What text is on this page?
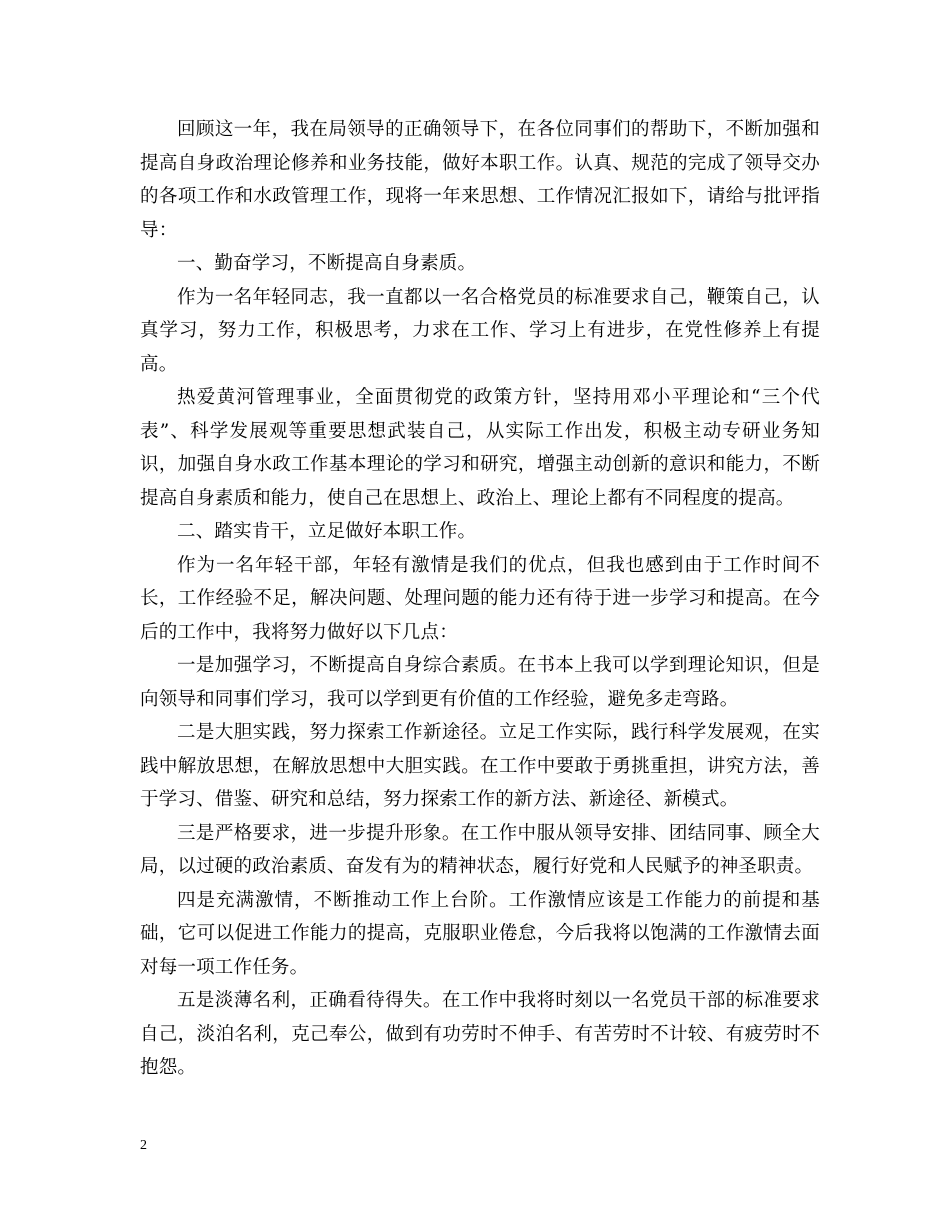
回顾这一年，我在局领导的正确领导下，在各位同事们的帮助下，不断加强和提高自身政治理论修养和业务技能，做好本职工作。认真、规范的完成了领导交办的各项工作和水政管理工作，现将一年来思想、工作情况汇报如下，请给与批评指导：

一、勤奋学习，不断提高自身素质。

作为一名年轻同志，我一直都以一名合格党员的标准要求自己，鞭策自己，认真学习，努力工作，积极思考，力求在工作、学习上有进步，在党性修养上有提高。

热爱黄河管理事业，全面贯彻党的政策方针，坚持用邓小平理论和“三个代表”、科学发展观等重要思想武装自己，从实际工作出发，积极主动专研业务知识，加强自身水政工作基本理论的学习和研究，增强主动创新的意识和能力，不断提高自身素质和能力，使自己在思想上、政治上、理论上都有不同程度的提高。

二、踏实肯干，立足做好本职工作。

作为一名年轻干部，年轻有激情是我们的优点，但我也感到由于工作时间不长，工作经验不足，解决问题、处理问题的能力还有待于进一步学习和提高。在今后的工作中，我将努力做好以下几点：

一是加强学习，不断提高自身综合素质。在书本上我可以学到理论知识，但是向领导和同事们学习，我可以学到更有价值的工作经验，避免多走弯路。

二是大胆实践，努力探索工作新途径。立足工作实际，践行科学发展观，在实践中解放思想，在解放思想中大胆实践。在工作中要敢于勇挑重担，讲究方法，善于学习、借鉴、研究和总结，努力探索工作的新方法、新途径、新模式。

三是严格要求，进一步提升形象。在工作中服从领导安排、团结同事、顾全大局，以过硬的政治素质、奋发有为的精神状态，履行好党和人民赋予的神圣职责。

四是充满激情，不断推动工作上台阶。工作激情应该是工作能力的前提和基础，它可以促进工作能力的提高，克服职业倦怠，今后我将以饱满的工作激情去面对每一项工作任务。

五是淡薄名利，正确看待得失。在工作中我将时刻以一名党员干部的标准要求自己，淡泊名利，克己奉公，做到有功劳时不伸手、有苦劳时不计较、有疲劳时不抱怨。

2
